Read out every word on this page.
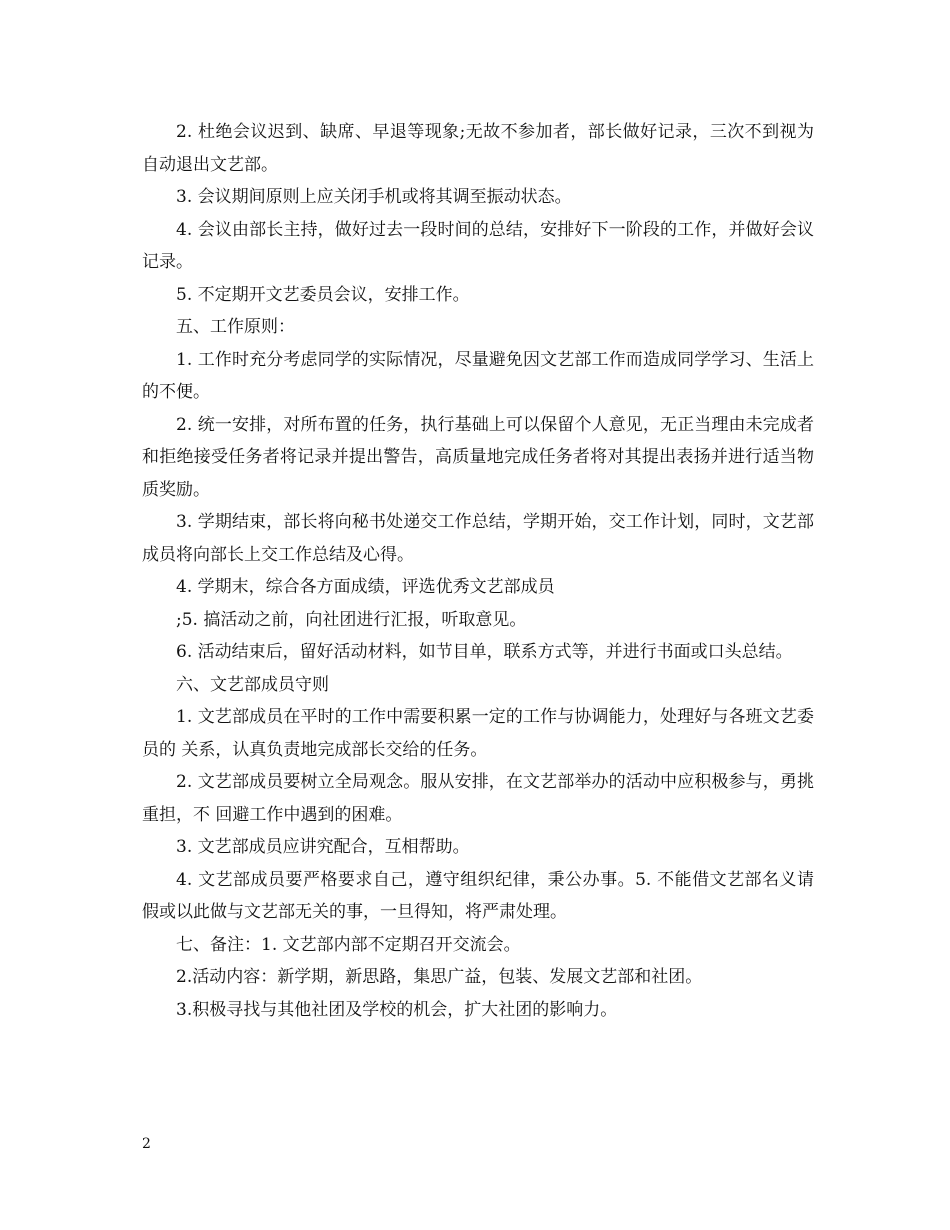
2. 杜绝会议迟到、缺席、早退等现象;无故不参加者，部长做好记录，三次不到视为自动退出文艺部。

3. 会议期间原则上应关闭手机或将其调至振动状态。

4. 会议由部长主持，做好过去一段时间的总结，安排好下一阶段的工作，并做好会议记录。

5. 不定期开文艺委员会议，安排工作。

五、工作原则：

1. 工作时充分考虑同学的实际情况，尽量避免因文艺部工作而造成同学学习、生活上的不便。

2. 统一安排，对所布置的任务，执行基础上可以保留个人意见，无正当理由未完成者和拒绝接受任务者将记录并提出警告，高质量地完成任务者将对其提出表扬并进行适当物质奖励。

3. 学期结束，部长将向秘书处递交工作总结，学期开始，交工作计划，同时，文艺部成员将向部长上交工作总结及心得。

4. 学期末，综合各方面成绩，评选优秀文艺部成员

;5. 搞活动之前，向社团进行汇报，听取意见。

6. 活动结束后，留好活动材料，如节目单，联系方式等，并进行书面或口头总结。

六、文艺部成员守则

1. 文艺部成员在平时的工作中需要积累一定的工作与协调能力，处理好与各班文艺委员的 关系，认真负责地完成部长交给的任务。

2. 文艺部成员要树立全局观念。服从安排，在文艺部举办的活动中应积极参与，勇挑重担，不 回避工作中遇到的困难。

3. 文艺部成员应讲究配合，互相帮助。

4. 文艺部成员要严格要求自己，遵守组织纪律，秉公办事。5. 不能借文艺部名义请假或以此做与文艺部无关的事，一旦得知，将严肃处理。

七、备注：1. 文艺部内部不定期召开交流会。

2.活动内容：新学期，新思路，集思广益，包装、发展文艺部和社团。

3.积极寻找与其他社团及学校的机会，扩大社团的影响力。

2
